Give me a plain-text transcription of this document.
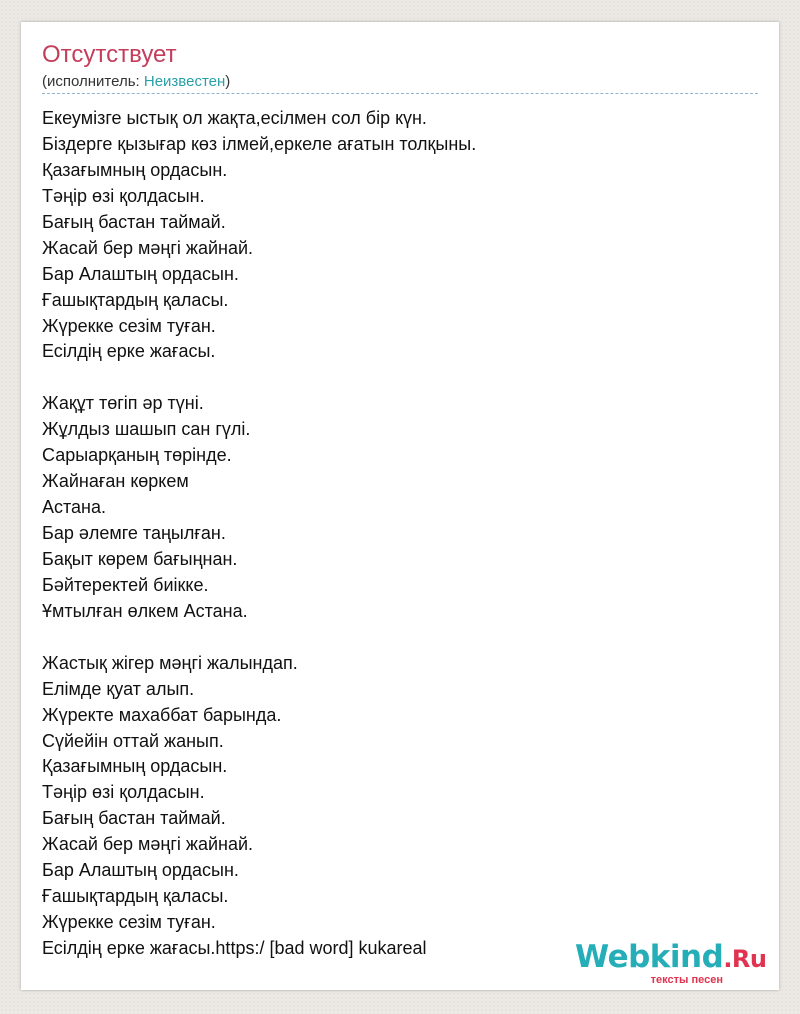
Отсутствует
(исполнитель: Неизвестен)
Екеумізге ыстық ол жақта,есілмен сол бір күн.
Біздерге қызығар көз ілмей,еркеле ағатын толқыны.
Қазағымның ордасын.
Тәңір өзі қолдасын.
Бағың бастан таймай.
Жасай бер мәңгі жайнай.
Бар Алаштың ордасын.
Ғашықтардың қаласы.
Жүрекке сезім туған.
Есілдің ерке жағасы.
Жақұт төгіп әр түні.
Жұлдыз шашып сан гүлі.
Сарыарқаның төрінде.
Жайнаған көркем
Астана.
Бар әлемге таңылған.
Бақыт көрем бағыңнан.
Бәйтеректей биікке.
Ұмтылған өлкем Астана.
Жастық жігер мәңгі жалындап.
Елімде қуат алып.
Жүректе махаббат барында.
Сүйейін оттай жанып.
Қазағымның ордасын.
Тәңір өзі қолдасын.
Бағың бастан таймай.
Жасай бер мәңгі жайнай.
Бар Алаштың ордасын.
Ғашықтардың қаласы.
Жүрекке сезім туған.
Есілдің ерке жағасы.https:/ [bad word] kukareal	Webkind.Ru
тексты песен
